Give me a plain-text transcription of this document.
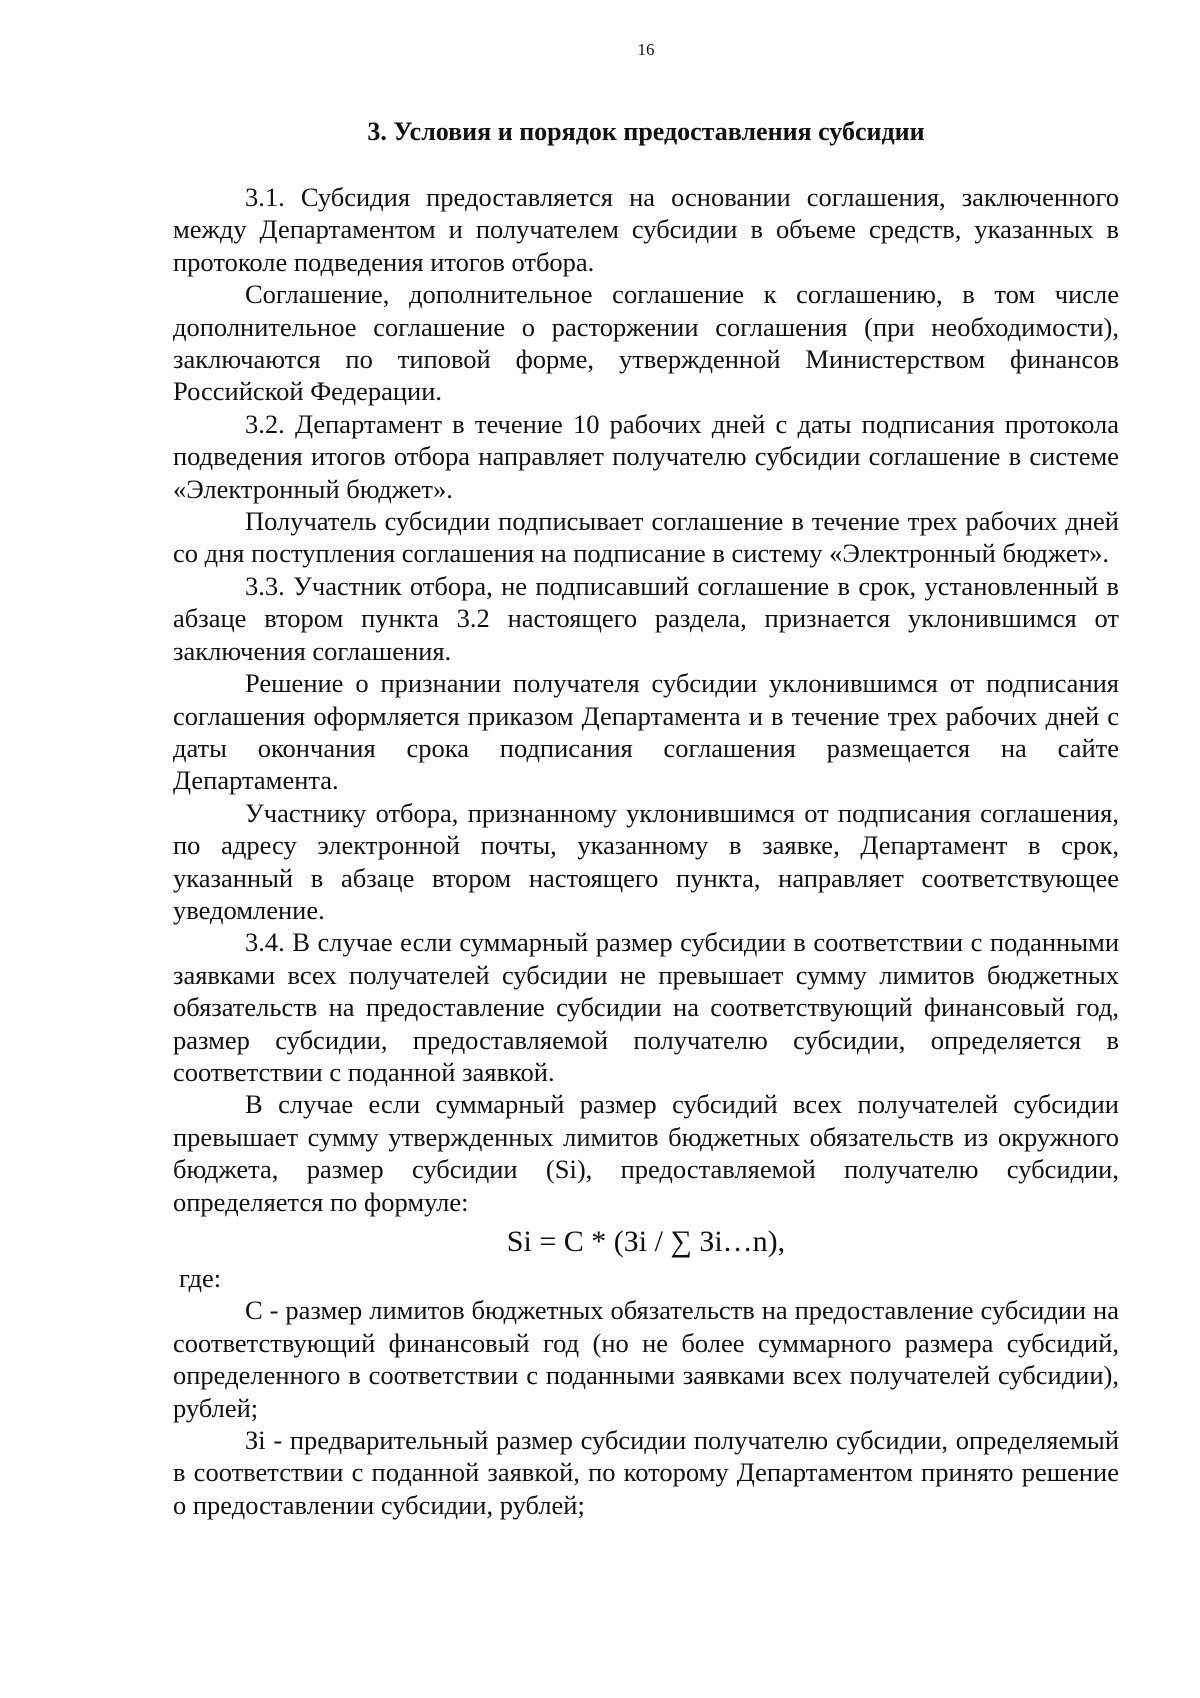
16
3. Условия и порядок предоставления субсидии

3.1. Субсидия предоставляется на основании соглашения, заключенного между Департаментом и получателем субсидии в объеме средств, указанных в протоколе подведения итогов отбора.

Соглашение, дополнительное соглашение к соглашению, в том числе дополнительное соглашение о расторжении соглашения (при необходимости), заключаются по типовой форме, утвержденной Министерством финансов Российской Федерации.

3.2. Департамент в течение 10 рабочих дней с даты подписания протокола подведения итогов отбора направляет получателю субсидии соглашение в системе «Электронный бюджет».

Получатель субсидии подписывает соглашение в течение трех рабочих дней со дня поступления соглашения на подписание в систему «Электронный бюджет».

3.3. Участник отбора, не подписавший соглашение в срок, установленный в абзаце втором пункта 3.2 настоящего раздела, признается уклонившимся от заключения соглашения.

Решение о признании получателя субсидии уклонившимся от подписания соглашения оформляется приказом Департамента и в течение трех рабочих дней с даты окончания срока подписания соглашения размещается на сайте Департамента.

Участнику отбора, признанному уклонившимся от подписания соглашения, по адресу электронной почты, указанному в заявке, Департамент в срок, указанный в абзаце втором настоящего пункта, направляет соответствующее уведомление.

3.4. В случае если суммарный размер субсидии в соответствии с поданными заявками всех получателей субсидии не превышает сумму лимитов бюджетных обязательств на предоставление субсидии на соответствующий финансовый год, размер субсидии, предоставляемой получателю субсидии, определяется в соответствии с поданной заявкой.

В случае если суммарный размер субсидий всех получателей субсидии превышает сумму утвержденных лимитов бюджетных обязательств из окружного бюджета, размер субсидии (Si), предоставляемой получателю субсидии, определяется по формуле:

Si = C * (Зi / ∑ Зi…n),

где:

С - размер лимитов бюджетных обязательств на предоставление субсидии на соответствующий финансовый год (но не более суммарного размера субсидий, определенного в соответствии с поданными заявками всех получателей субсидии), рублей;

Зi - предварительный размер субсидии получателю субсидии, определяемый в соответствии с поданной заявкой, по которому Департаментом принято решение о предоставлении субсидии, рублей;
